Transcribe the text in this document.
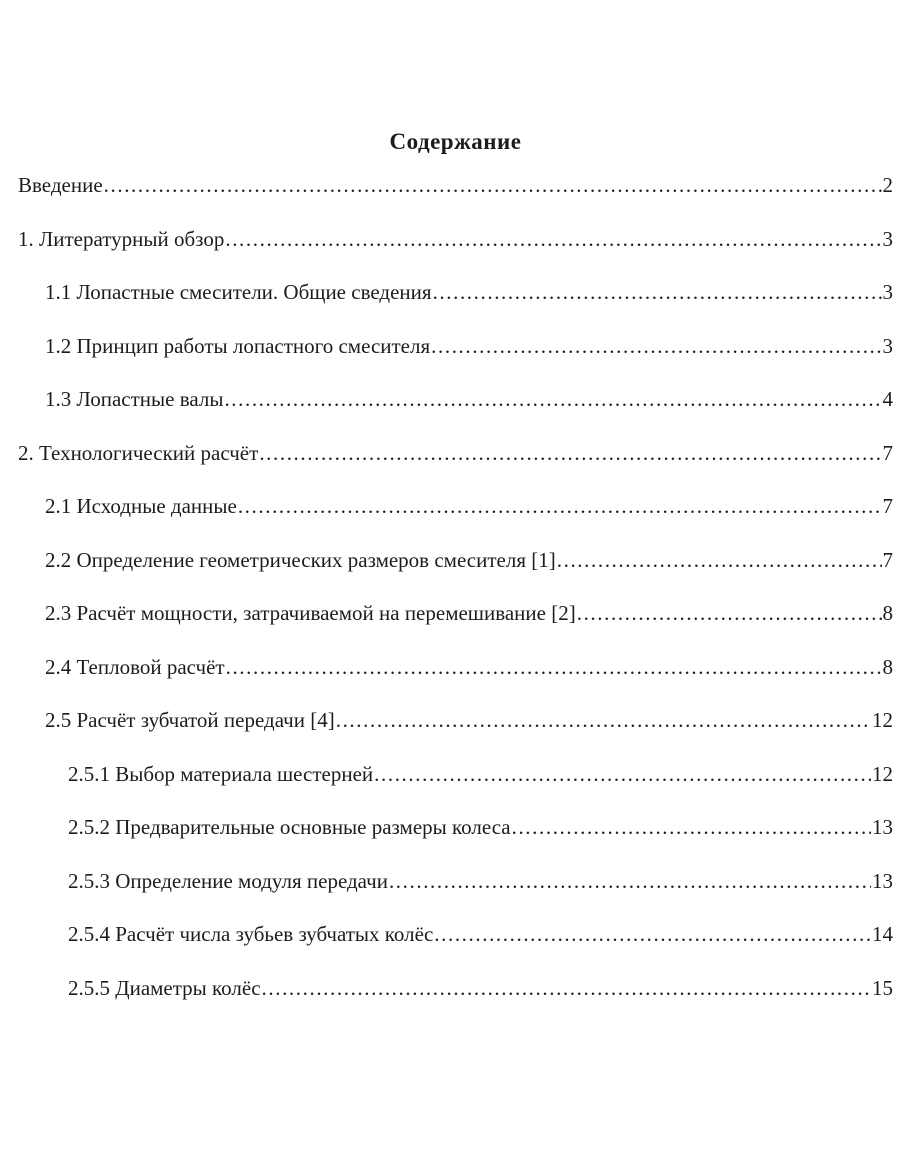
Содержание
Введение .....	2
1. Литературный обзор .....	3
1.1 Лопастные смесители. Общие сведения .....	3
1.2 Принцип работы лопастного смесителя .....	3
1.3 Лопастные валы .....	4
2. Технологический расчёт .....	7
2.1 Исходные данные .....	7
2.2 Определение геометрических размеров смесителя [1] .....	7
2.3 Расчёт мощности, затрачиваемой на перемешивание [2] .....	8
2.4 Тепловой расчёт .....	8
2.5 Расчёт зубчатой передачи [4] .....	12
2.5.1 Выбор материала шестерней .....	12
2.5.2 Предварительные основные размеры колеса .....	13
2.5.3 Определение модуля передачи .....	13
2.5.4 Расчёт числа зубьев зубчатых колёс .....	14
2.5.5 Диаметры колёс .....	15
